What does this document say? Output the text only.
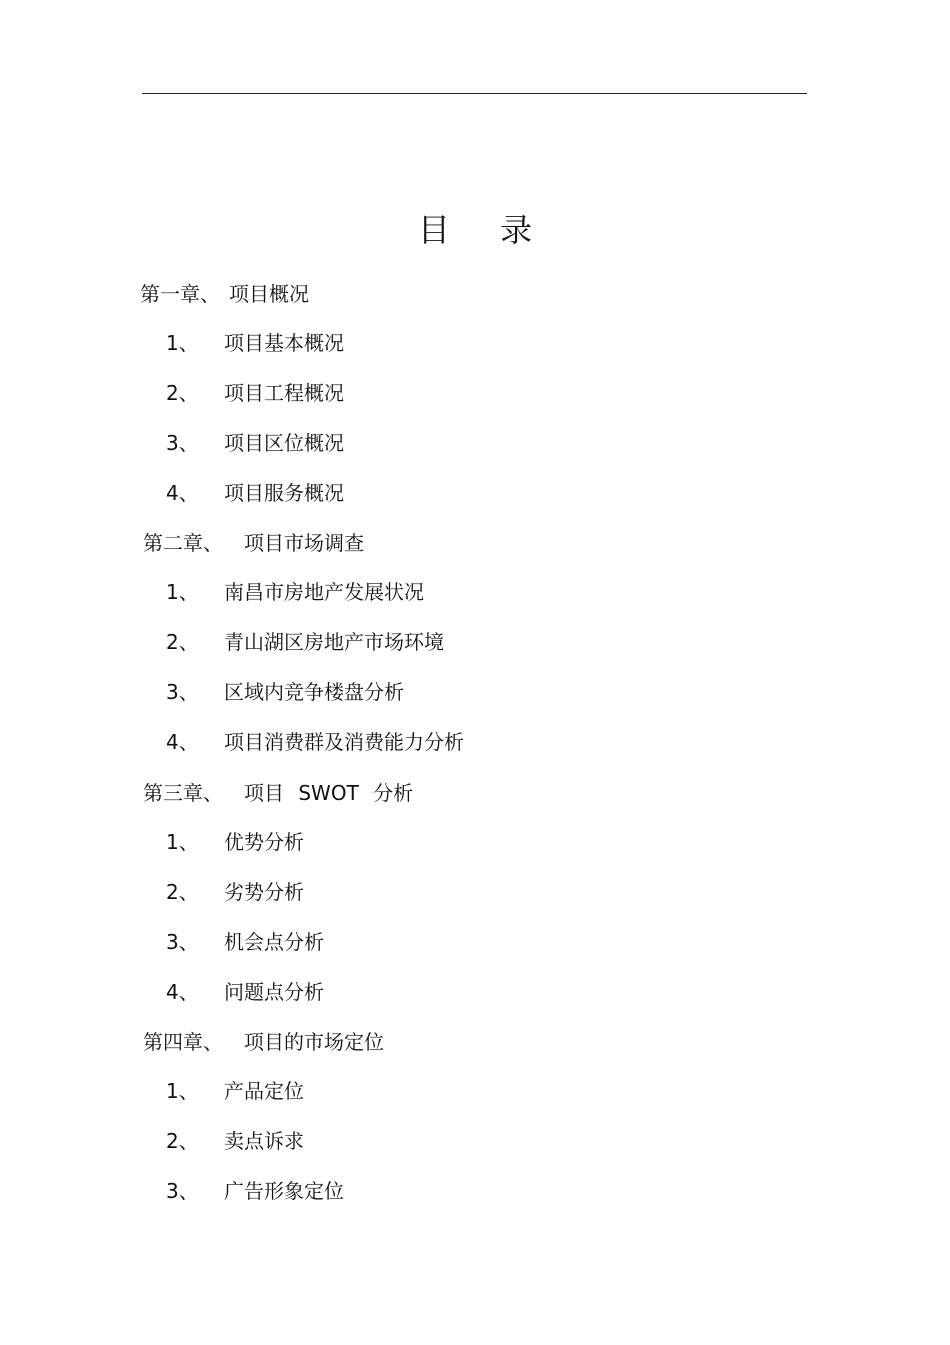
目 录
第一章、 项目概况
1、 项目基本概况
2、 项目工程概况
3、 项目区位概况
4、 项目服务概况
第二章、 项目市场调查
1、 南昌市房地产发展状况
2、 青山湖区房地产市场环境
3、 区域内竞争楼盘分析
4、 项目消费群及消费能力分析
第三章、 项目 SWOT 分析
1、 优势分析
2、 劣势分析
3、 机会点分析
4、 问题点分析
第四章、 项目的市场定位
1、 产品定位
2、 卖点诉求
3、 广告形象定位
